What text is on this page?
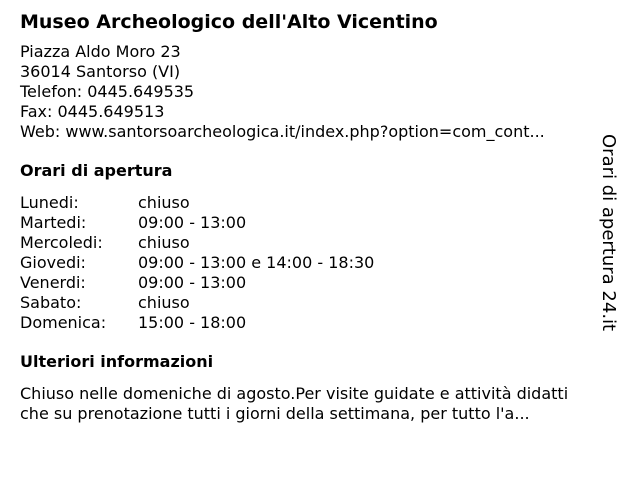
Museo Archeologico dell'Alto Vicentino
Piazza Aldo Moro 23
36014 Santorso (VI)
Telefon: 0445.649535
Fax: 0445.649513
Web: www.santorsoarcheologica.it/index.php?option=com_cont...
Orari di apertura
Lunedi:	chiuso
Martedi:	09:00 - 13:00
Mercoledi:	chiuso
Giovedi:	09:00 - 13:00 e 14:00 - 18:30
Venerdi:	09:00 - 13:00
Sabato:	chiuso
Domenica:	15:00 - 18:00
Ulteriori informazioni
Chiuso nelle domeniche di agosto.Per visite guidate e attività didatti
che su prenotazione tutti i giorni della settimana, per tutto l'a...
Orari di apertura 24.it
